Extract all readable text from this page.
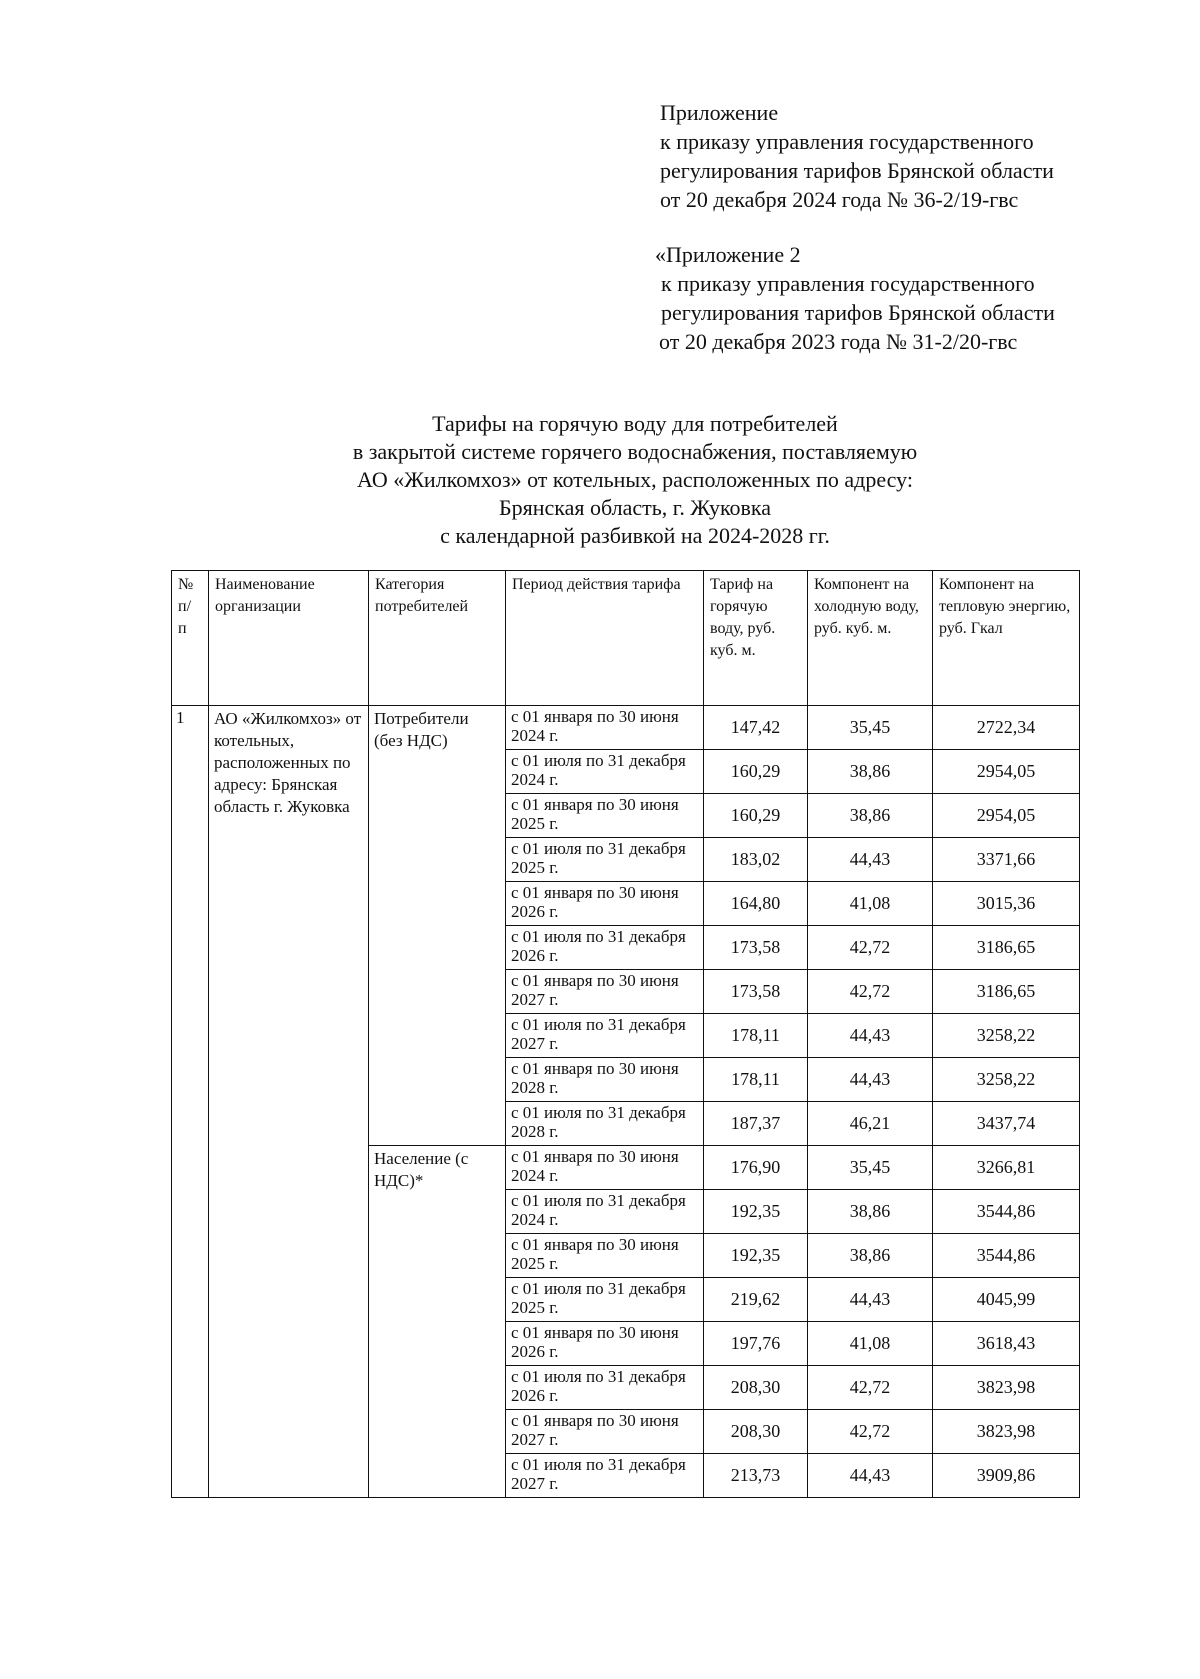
Приложение
к приказу управления государственного
регулирования тарифов Брянской области
от 20 декабря 2024 года № 36-2/19-гвс
«Приложение 2
к приказу управления государственного
регулирования тарифов Брянской области
от 20 декабря 2023 года № 31-2/20-гвс
Тарифы на горячую воду для потребителей
в закрытой системе горячего водоснабжения, поставляемую
АО «Жилкомхоз» от котельных, расположенных по адресу:
Брянская область, г. Жуковка
с календарной разбивкой на 2024-2028 гг.
№ п/ п	Наименование организации	Категория потребителей	Период действия тарифа	Тариф на горячую воду, руб. куб. м.	Компонент на холодную воду, руб. куб. м.	Компонент на тепловую энергию, руб. Гкал
1	АО «Жилкомхоз» от котельных, расположенных по адресу: Брянская область г. Жуковка	Потребители (без НДС)	с 01 января по 30 июня 2024 г.	147,42	35,45	2722,34
			с 01 июля по 31 декабря 2024 г.	160,29	38,86	2954,05
			с 01 января по 30 июня 2025 г.	160,29	38,86	2954,05
			с 01 июля по 31 декабря 2025 г.	183,02	44,43	3371,66
			с 01 января по 30 июня 2026 г.	164,80	41,08	3015,36
			с 01 июля по 31 декабря 2026 г.	173,58	42,72	3186,65
			с 01 января по 30 июня 2027 г.	173,58	42,72	3186,65
			с 01 июля по 31 декабря 2027 г.	178,11	44,43	3258,22
			с 01 января по 30 июня 2028 г.	178,11	44,43	3258,22
			с 01 июля по 31 декабря 2028 г.	187,37	46,21	3437,74
		Население (с НДС)*	с 01 января по 30 июня 2024 г.	176,90	35,45	3266,81
			с 01 июля по 31 декабря 2024 г.	192,35	38,86	3544,86
			с 01 января по 30 июня 2025 г.	192,35	38,86	3544,86
			с 01 июля по 31 декабря 2025 г.	219,62	44,43	4045,99
			с 01 января по 30 июня 2026 г.	197,76	41,08	3618,43
			с 01 июля по 31 декабря 2026 г.	208,30	42,72	3823,98
			с 01 января по 30 июня 2027 г.	208,30	42,72	3823,98
			с 01 июля по 31 декабря 2027 г.	213,73	44,43	3909,86
